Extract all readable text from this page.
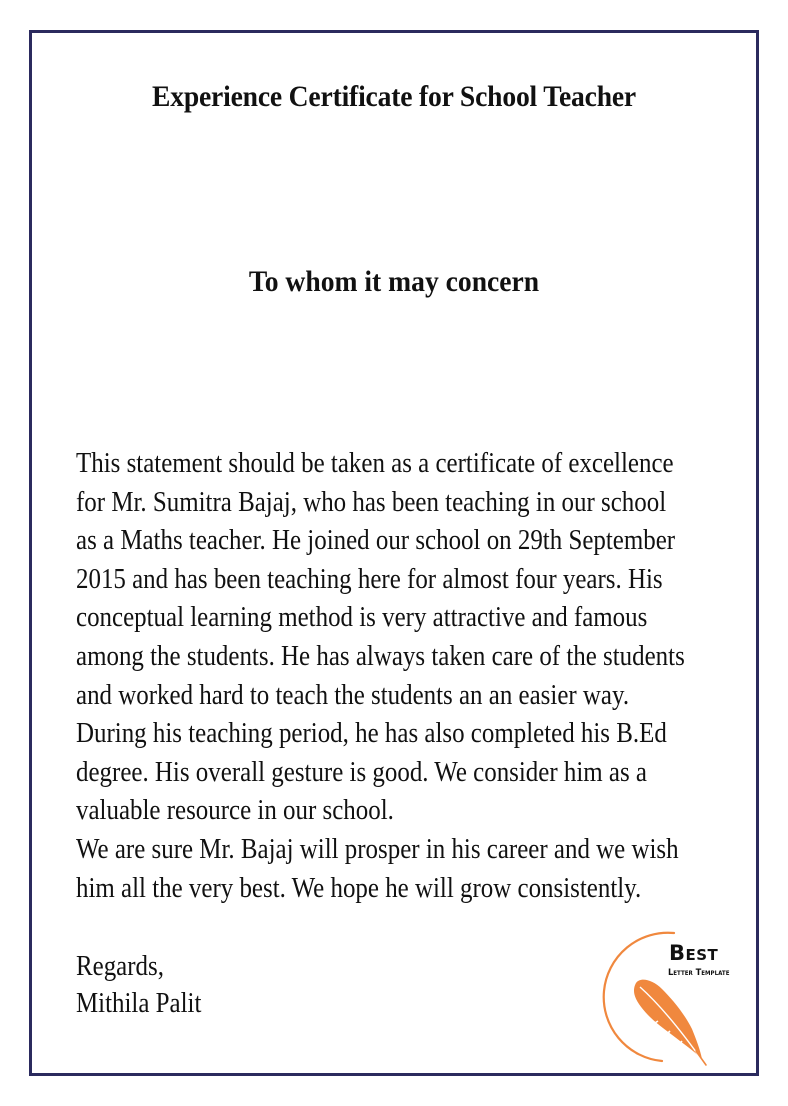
Experience Certificate for School Teacher
To whom it may concern
This statement should be taken as a certificate of excellence
for Mr. Sumitra Bajaj, who has been teaching in our school
as a Maths teacher. He joined our school on 29th September
2015 and has been teaching here for almost four years. His
conceptual learning method is very attractive and famous
among the students. He has always taken care of the students
and worked hard to teach the students an an easier way.
During his teaching period, he has also completed his B.Ed
degree. His overall gesture is good. We consider him as a
valuable resource in our school.
We are sure Mr. Bajaj will prosper in his career and we wish
him all the very best. We hope he will grow consistently.
Regards,
Mithila Palit
Best
Letter Template
